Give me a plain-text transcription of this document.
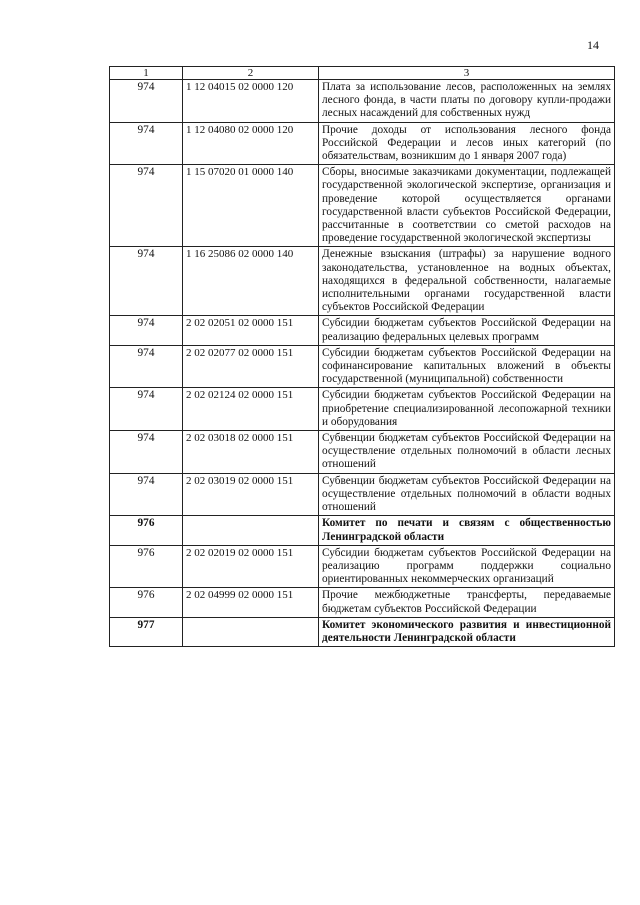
14
1	2	3
974	1 12 04015 02 0000 120	Плата за использование лесов, расположенных на землях лесного фонда, в части платы по договору купли-продажи лесных насаждений для собственных нужд
974	1 12 04080 02 0000 120	Прочие доходы от использования лесного фонда Российской Федерации и лесов иных категорий (по обязательствам, возникшим до 1 января 2007 года)
974	1 15 07020 01 0000 140	Сборы, вносимые заказчиками документации, подлежащей государственной экологической экспертизе, организация и проведение которой осуществляется органами государственной власти субъектов Российской Федерации, рассчитанные в соответствии со сметой расходов на проведение государственной экологической экспертизы
974	1 16 25086 02 0000 140	Денежные взыскания (штрафы) за нарушение водного законодательства, установленное на водных объектах, находящихся в федеральной собственности, налагаемые исполнительными органами государственной власти субъектов Российской Федерации
974	2 02 02051 02 0000 151	Субсидии бюджетам субъектов Российской Федерации на реализацию федеральных целевых программ
974	2 02 02077 02 0000 151	Субсидии бюджетам субъектов Российской Федерации на софинансирование капитальных вложений в объекты государственной (муниципальной) собственности
974	2 02 02124 02 0000 151	Субсидии бюджетам субъектов Российской Федерации на приобретение специализированной лесопожарной техники и оборудования
974	2 02 03018 02 0000 151	Субвенции бюджетам субъектов Российской Федерации на осуществление отдельных полномочий в области лесных отношений
974	2 02 03019 02 0000 151	Субвенции бюджетам субъектов Российской Федерации на осуществление отдельных полномочий в области водных отношений
976		Комитет по печати и связям с общественностью Ленинградской области
976	2 02 02019 02 0000 151	Субсидии бюджетам субъектов Российской Федерации на реализацию программ поддержки социально ориентированных некоммерческих организаций
976	2 02 04999 02 0000 151	Прочие межбюджетные трансферты, передаваемые бюджетам субъектов Российской Федерации
977		Комитет экономического развития и инвестиционной деятельности Ленинградской области
